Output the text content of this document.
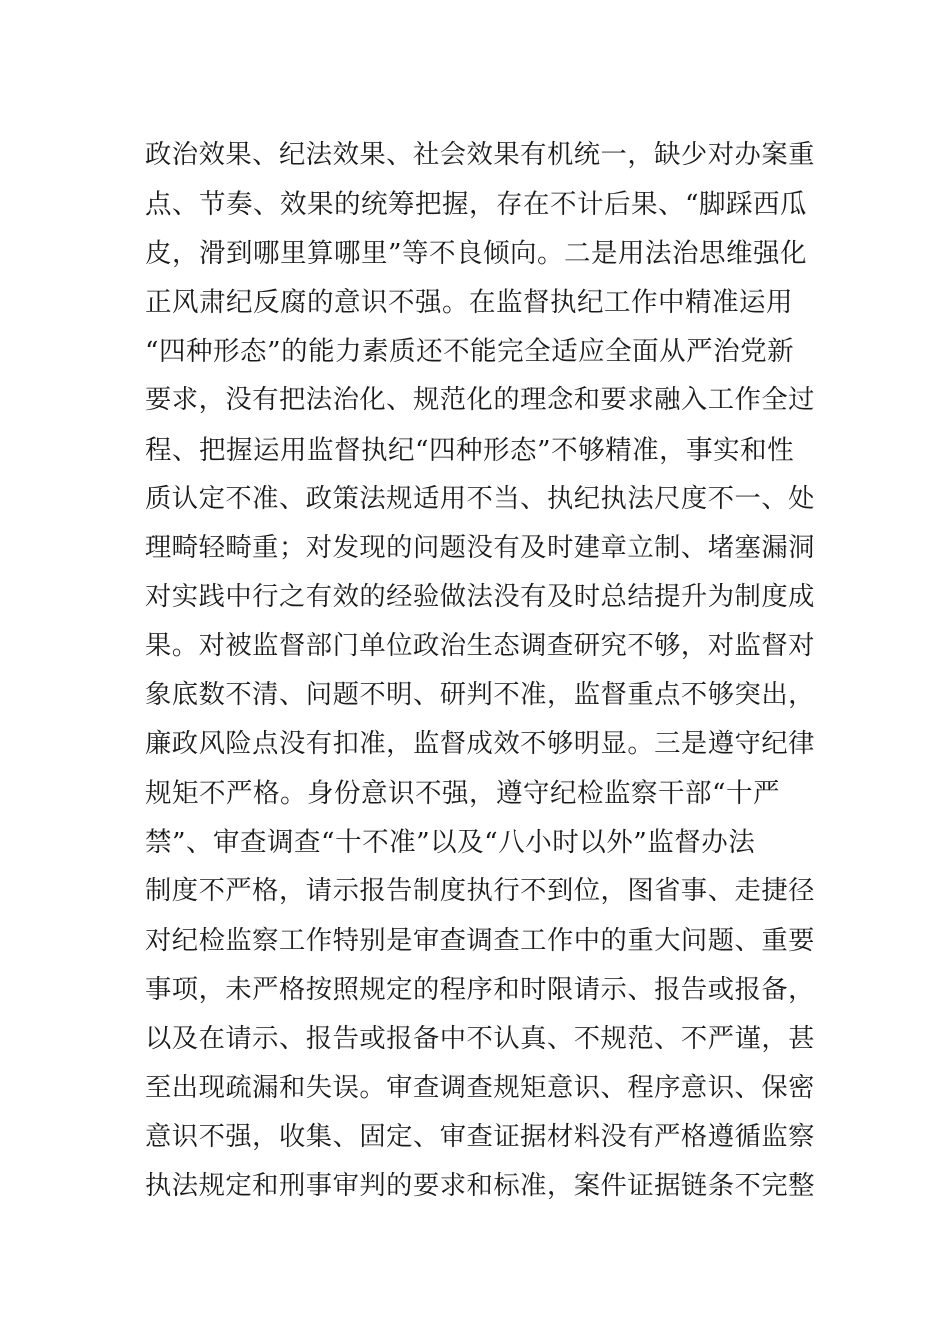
政治效果、纪法效果、社会效果有机统一，缺少对办案重
点、节奏、效果的统筹把握，存在不计后果、“脚踩西瓜
皮，滑到哪里算哪里”等不良倾向。二是用法治思维强化
正风肃纪反腐的意识不强。在监督执纪工作中精准运用
“四种形态”的能力素质还不能完全适应全面从严治党新
要求，没有把法治化、规范化的理念和要求融入工作全过
程、把握运用监督执纪“四种形态”不够精准，事实和性
质认定不准、政策法规适用不当、执纪执法尺度不一、处
理畸轻畸重；对发现的问题没有及时建章立制、堵塞漏洞
对实践中行之有效的经验做法没有及时总结提升为制度成
果。对被监督部门单位政治生态调查研究不够，对监督对
象底数不清、问题不明、研判不准，监督重点不够突出，
廉政风险点没有扣准，监督成效不够明显。三是遵守纪律
规矩不严格。身份意识不强，遵守纪检监察干部“十严
禁”、审查调查“十不准”以及“八小时以外”监督办法
制度不严格，请示报告制度执行不到位，图省事、走捷径
对纪检监察工作特别是审查调查工作中的重大问题、重要
事项，未严格按照规定的程序和时限请示、报告或报备，
以及在请示、报告或报备中不认真、不规范、不严谨，甚
至出现疏漏和失误。审查调查规矩意识、程序意识、保密
意识不强，收集、固定、审查证据材料没有严格遵循监察
执法规定和刑事审判的要求和标准，案件证据链条不完整
